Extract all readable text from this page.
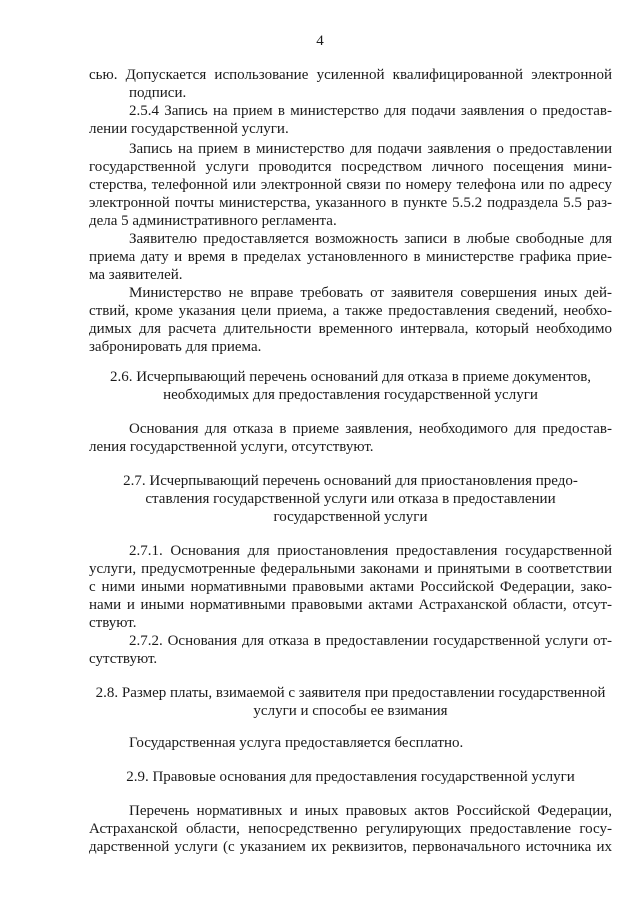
4
сью. Допускается использование усиленной квалифицированной электронной
подписи.
2.5.4 Запись на прием в министерство для подачи заявления о предостав-
лении государственной услуги.
Запись на прием в министерство для подачи заявления о предоставлении
государственной услуги проводится посредством личного посещения мини-
стерства, телефонной или электронной связи по номеру телефона или по адресу
электронной почты министерства, указанного в пункте 5.5.2 подраздела 5.5 раз-
дела 5 административного регламента.
Заявителю предоставляется возможность записи в любые свободные для
приема дату и время в пределах установленного в министерстве графика прие-
ма заявителей.
Министерство не вправе требовать от заявителя совершения иных дей-
ствий, кроме указания цели приема, а также предоставления сведений, необхо-
димых для расчета длительности временного интервала, который необходимо
забронировать для приема.
2.6. Исчерпывающий перечень оснований для отказа в приеме документов,
необходимых для предоставления государственной услуги
Основания для отказа в приеме заявления, необходимого для предостав-
ления государственной услуги, отсутствуют.
2.7. Исчерпывающий перечень оснований для приостановления предо-
ставления государственной услуги или отказа в предоставлении
государственной услуги
2.7.1. Основания для приостановления предоставления государственной
услуги, предусмотренные федеральными законами и принятыми в соответствии
с ними иными нормативными правовыми актами Российской Федерации, зако-
нами и иными нормативными правовыми актами Астраханской области, отсут-
ствуют.
2.7.2. Основания для отказа в предоставлении государственной услуги от-
сутствуют.
2.8. Размер платы, взимаемой с заявителя при предоставлении государственной
услуги и способы ее взимания
Государственная услуга предоставляется бесплатно.
2.9. Правовые основания для предоставления государственной услуги
Перечень нормативных и иных правовых актов Российской Федерации,
Астраханской области, непосредственно регулирующих предоставление госу-
дарственной услуги (с указанием их реквизитов, первоначального источника их
